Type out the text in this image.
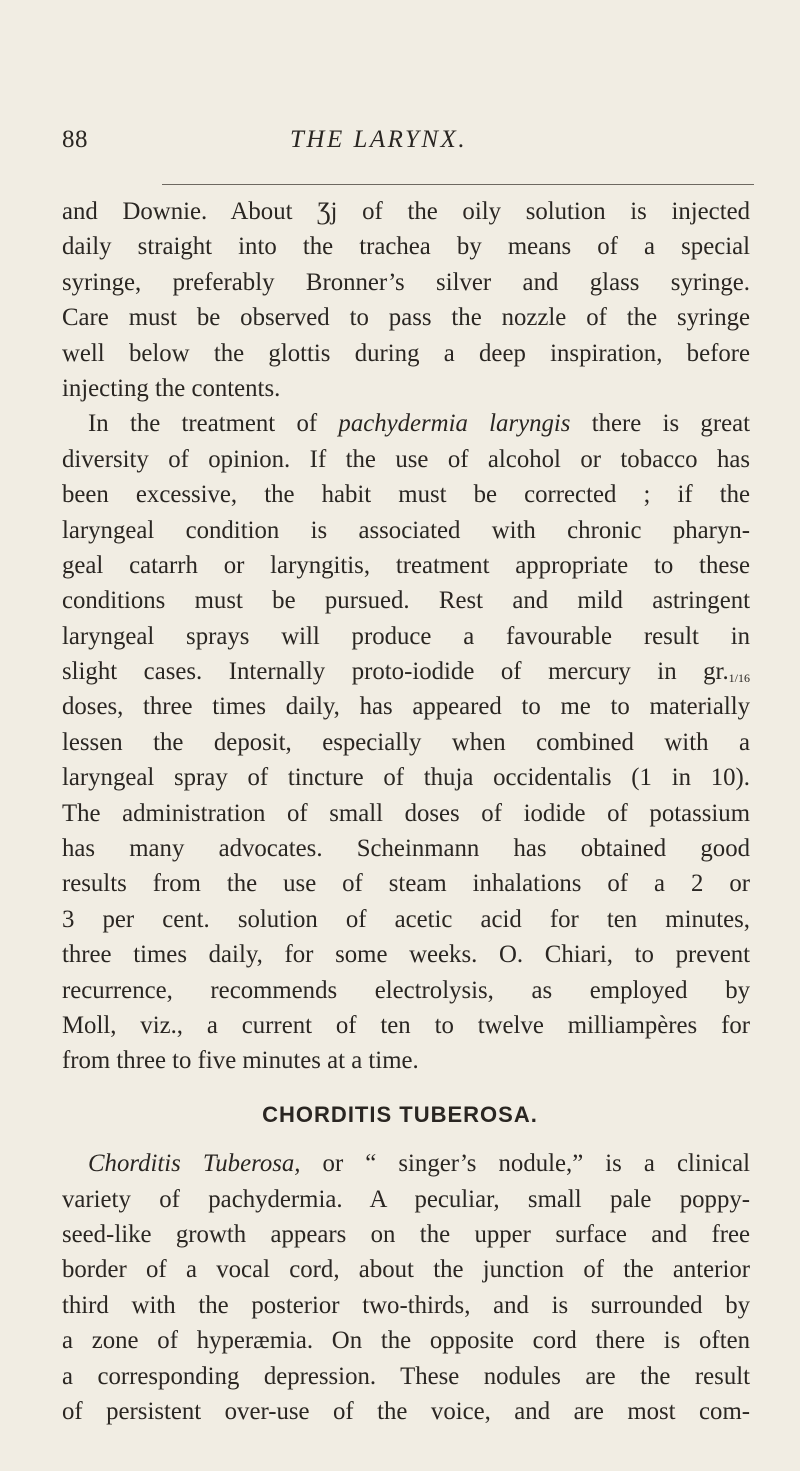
88	THE LARYNX.
and Downie. About Ʒj of the oily solution is injected
daily straight into the trachea by means of a special
syringe, preferably Bronner’s silver and glass syringe.
Care must be observed to pass the nozzle of the syringe
well below the glottis during a deep inspiration, before
injecting the contents.
In the treatment of pachydermia laryngis there is great
diversity of opinion. If the use of alcohol or tobacco has
been excessive, the habit must be corrected ; if the
laryngeal condition is associated with chronic pharyn-
geal catarrh or laryngitis, treatment appropriate to these
conditions must be pursued. Rest and mild astringent
laryngeal sprays will produce a favourable result in
slight cases. Internally proto-iodide of mercury in $gr._{1/16}$
doses, three times daily, has appeared to me to materially
lessen the deposit, especially when combined with a
laryngeal spray of tincture of thuja occidentalis (1 in 10).
The administration of small doses of iodide of potassium
has many advocates. Scheinmann has obtained good
results from the use of steam inhalations of a 2 or
3 per cent. solution of acetic acid for ten minutes,
three times daily, for some weeks. O. Chiari, to prevent
recurrence, recommends electrolysis, as employed by
Moll, viz., a current of ten to twelve milliampères for
from three to five minutes at a time.
CHORDITIS TUBEROSA.
Chorditis Tuberosa, or “ singer’s nodule,” is a clinical
variety of pachydermia. A peculiar, small pale poppy-
seed-like growth appears on the upper surface and free
border of a vocal cord, about the junction of the anterior
third with the posterior two-thirds, and is surrounded by
a zone of hyperæmia. On the opposite cord there is often
a corresponding depression. These nodules are the result
of persistent over-use of the voice, and are most com-
